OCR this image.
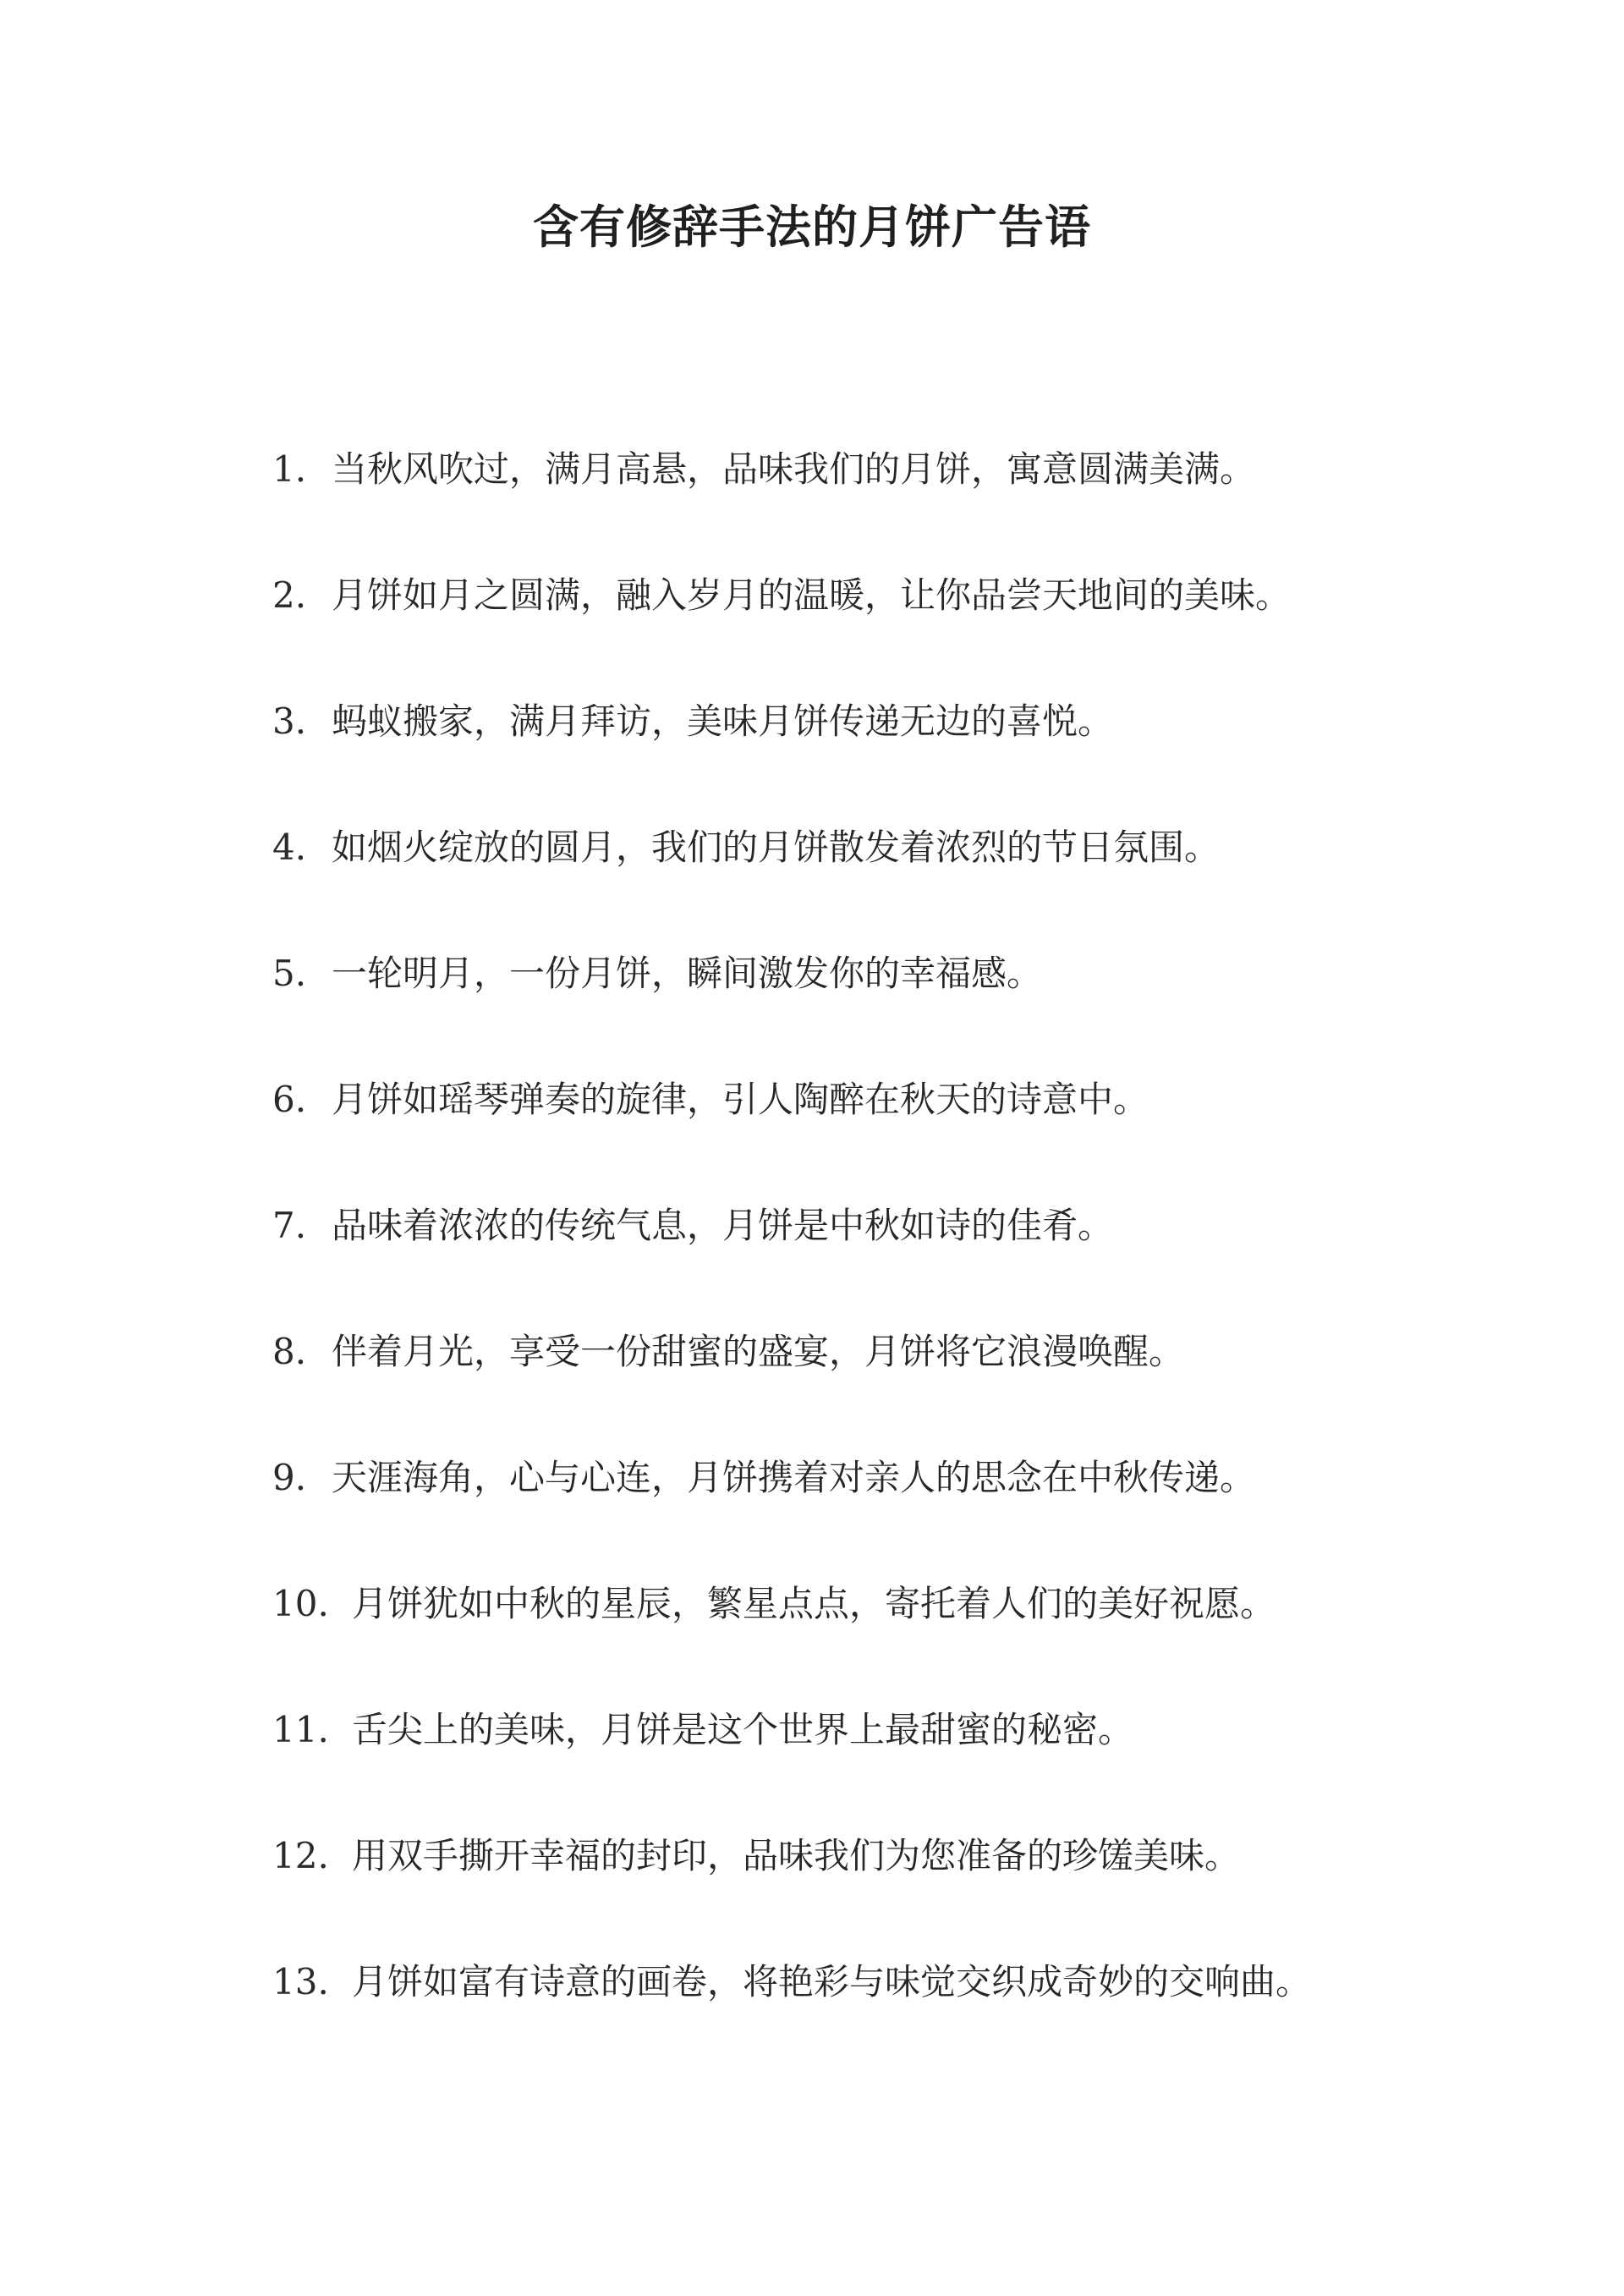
含有修辞手法的月饼广告语
1. 当秋风吹过，满月高悬，品味我们的月饼，寓意圆满美满。
2. 月饼如月之圆满，融入岁月的温暖，让你品尝天地间的美味。
3. 蚂蚁搬家，满月拜访，美味月饼传递无边的喜悦。
4. 如烟火绽放的圆月，我们的月饼散发着浓烈的节日氛围。
5. 一轮明月，一份月饼，瞬间激发你的幸福感。
6. 月饼如瑶琴弹奏的旋律，引人陶醉在秋天的诗意中。
7. 品味着浓浓的传统气息，月饼是中秋如诗的佳肴。
8. 伴着月光，享受一份甜蜜的盛宴，月饼将它浪漫唤醒。
9. 天涯海角，心与心连，月饼携着对亲人的思念在中秋传递。
10. 月饼犹如中秋的星辰，繁星点点，寄托着人们的美好祝愿。
11. 舌尖上的美味，月饼是这个世界上最甜蜜的秘密。
12. 用双手撕开幸福的封印，品味我们为您准备的珍馐美味。
13. 月饼如富有诗意的画卷，将艳彩与味觉交织成奇妙的交响曲。
